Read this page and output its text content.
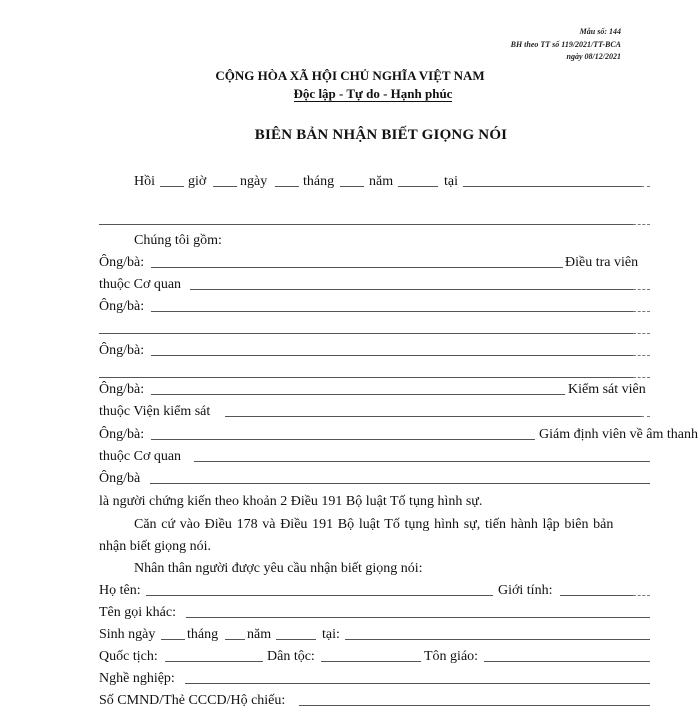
Mẫu số: 144
BH theo TT số 119/2021/TT-BCA
ngày 08/12/2021
CỘNG HÒA XÃ HỘI CHỦ NGHĨA VIỆT NAM
Độc lập - Tự do - Hạnh phúc
BIÊN BẢN NHẬN BIẾT GIỌNG NÓI
Hồi giờ ngày	tháng năm	tại
Chúng tôi gồm:
Ông/bà:	Điều tra viên
thuộc Cơ quan
Ông/bà:
Ông/bà:
Ông/bà:	Kiểm sát viên
thuộc Viện kiểm sát
Ông/bà:	Giám định viên về âm thanh
thuộc Cơ quan
Ông/bà
là người chứng kiến theo khoản 2 Điều 191 Bộ luật Tố tụng hình sự.
Căn cứ vào Điều 178 và Điều 191 Bộ luật Tố tụng hình sự, tiến hành lập biên bản
nhận biết giọng nói.
Nhân thân người được yêu cầu nhận biết giọng nói:
Họ tên:	Giới tính:
Tên gọi khác:
Sinh ngày tháng năm	tại:
Quốc tịch:	Dân tộc:	Tôn giáo:
Nghề nghiệp:
Số CMND/Thẻ CCCD/Hộ chiếu:
